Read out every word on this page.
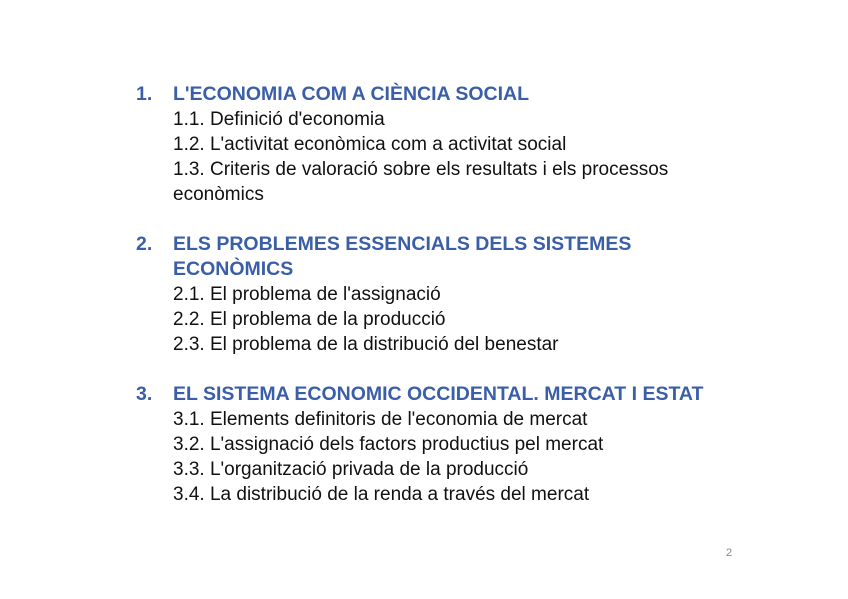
1.	L'ECONOMIA COM A CIÈNCIA SOCIAL
1.1. Definició d'economia
1.2. L'activitat econòmica com a activitat social
1.3. Criteris de valoració sobre els resultats i els processos econòmics
2.	ELS PROBLEMES ESSENCIALS DELS SISTEMES ECONÒMICS
2.1. El problema de l'assignació
2.2. El problema de la producció
2.3. El problema de la distribució del benestar
3.	EL SISTEMA ECONOMIC OCCIDENTAL. MERCAT I ESTAT
3.1. Elements definitoris de l'economia de mercat
3.2. L'assignació dels factors productius pel mercat
3.3. L'organització privada de la producció
3.4. La distribució de la renda a través del mercat
2
